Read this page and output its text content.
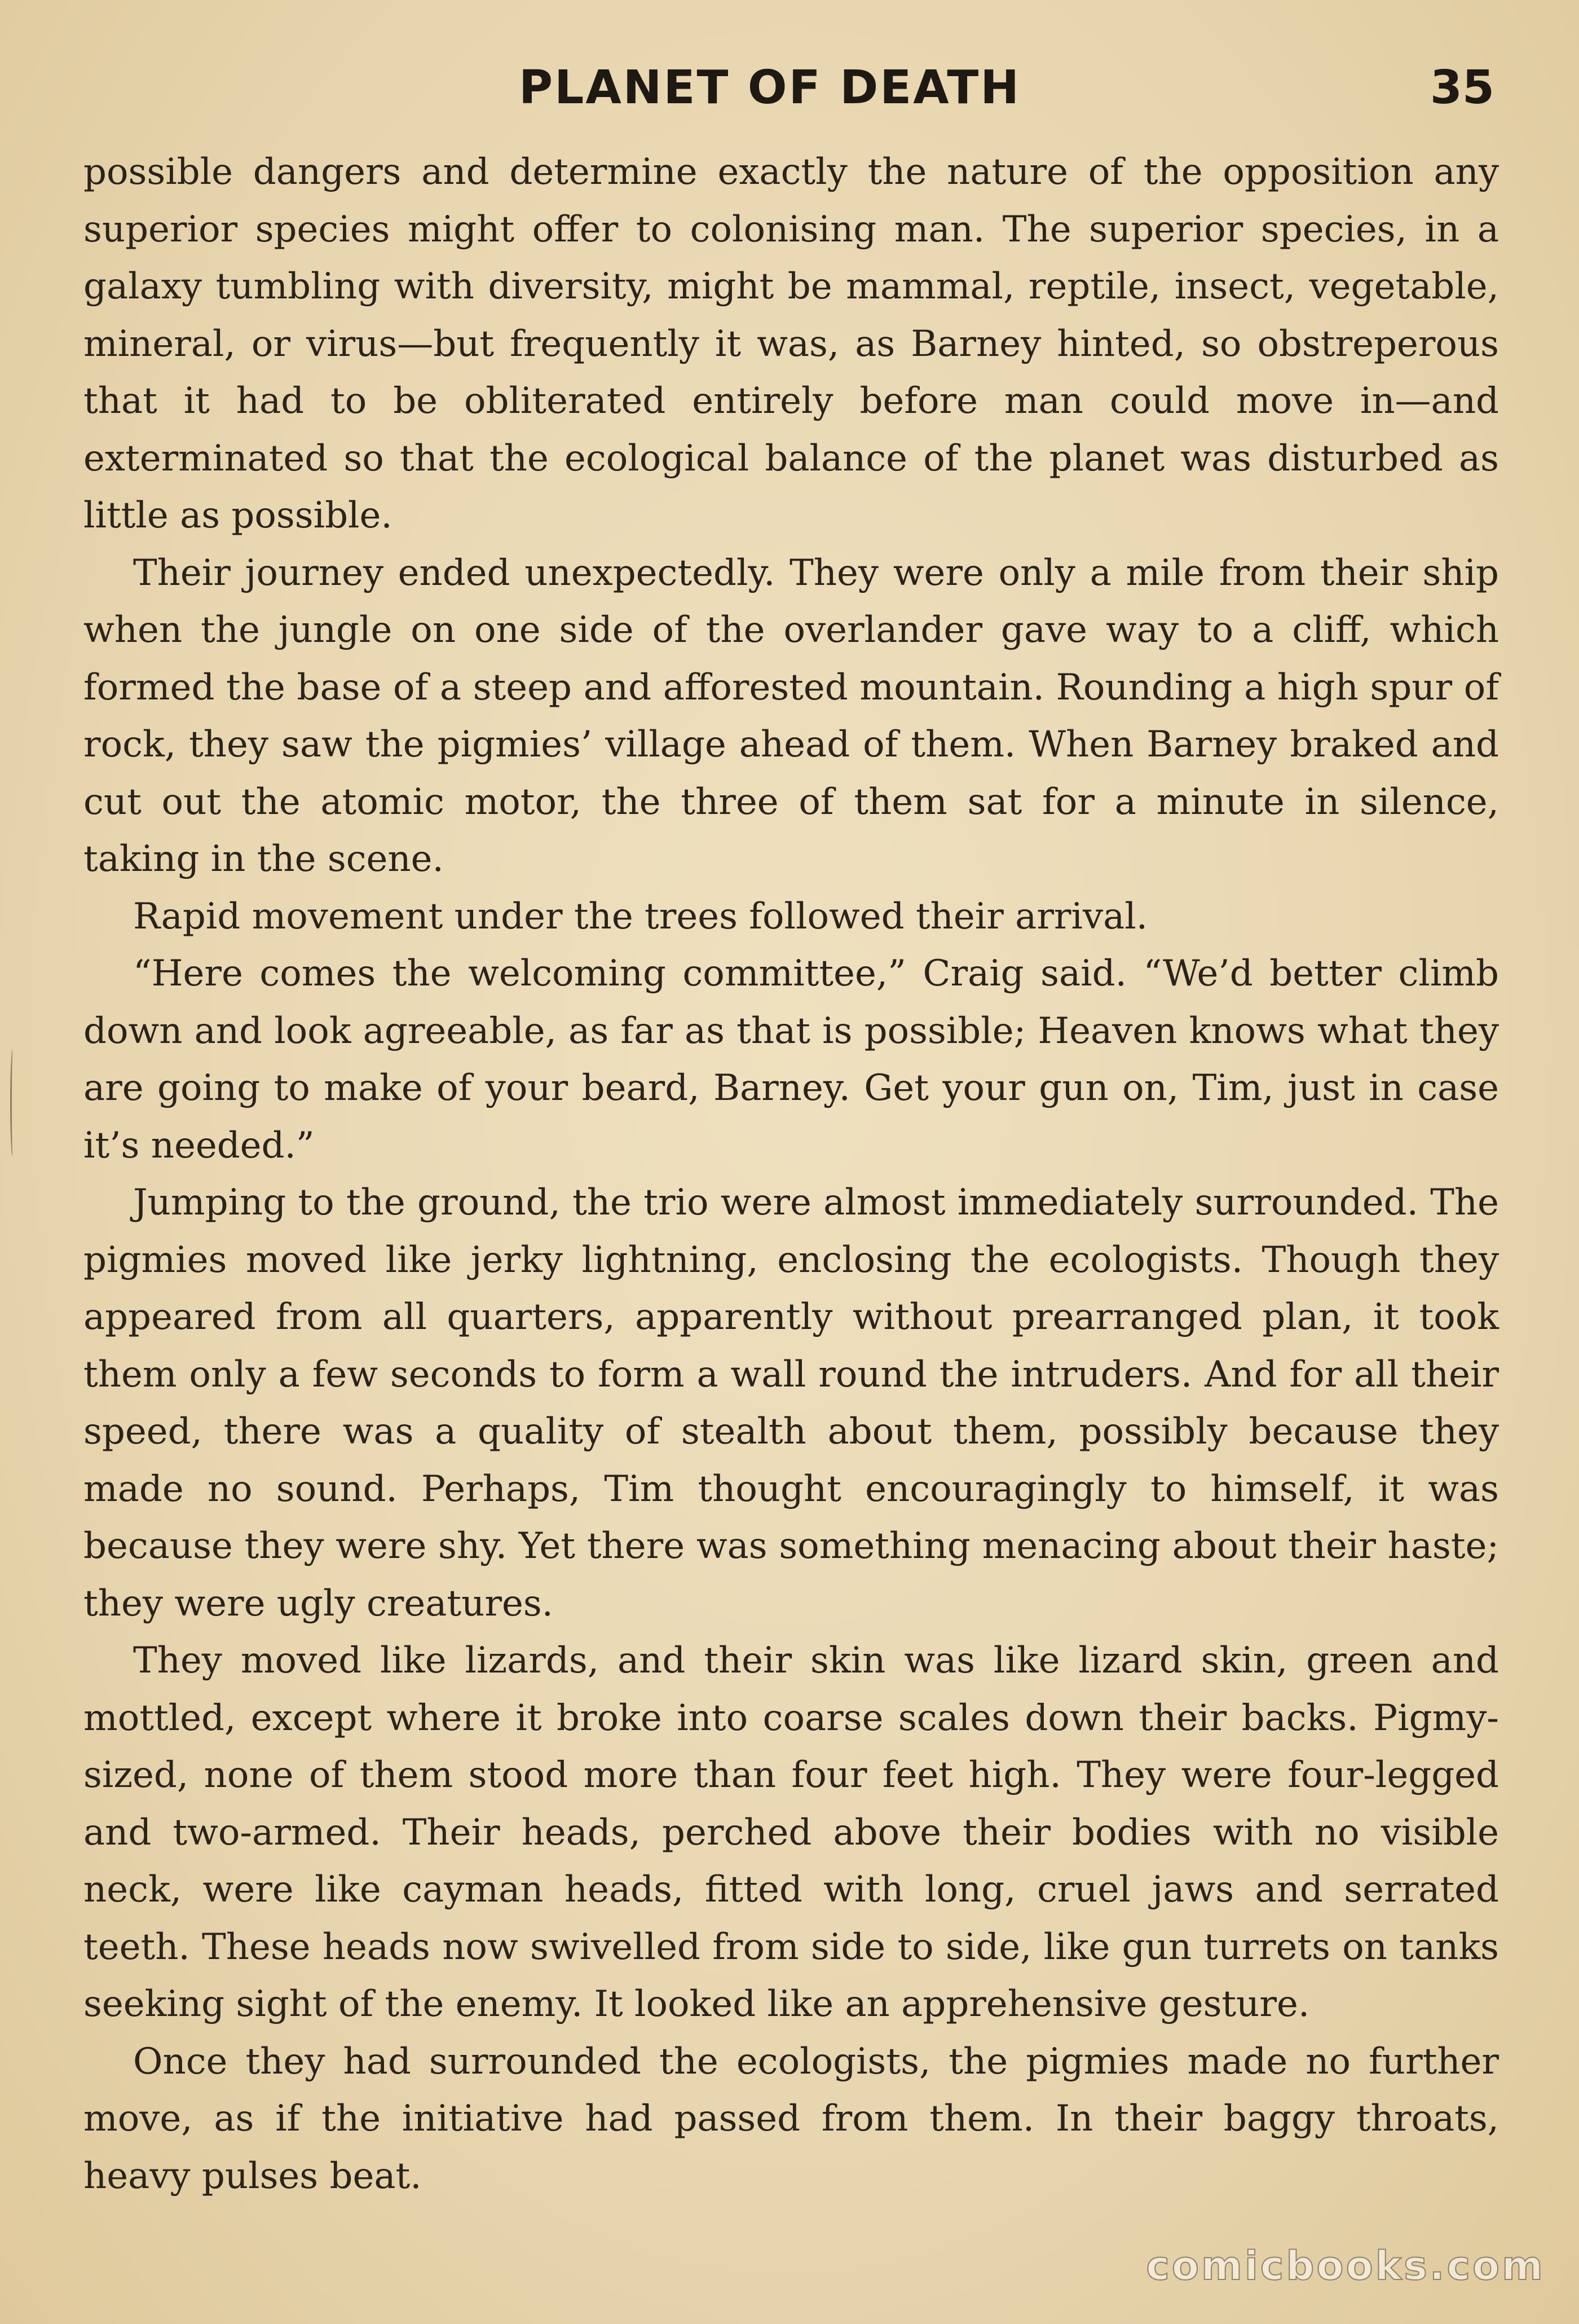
PLANET OF DEATH	35

possible dangers and determine exactly the nature of the opposition any superior species might offer to colonising man. The superior species, in a galaxy tumbling with diversity, might be mammal, reptile, insect, vegetable, mineral, or virus—but frequently it was, as Barney hinted, so obstreperous that it had to be obliterated entirely before man could move in—and exterminated so that the ecological balance of the planet was disturbed as little as possible.

Their journey ended unexpectedly. They were only a mile from their ship when the jungle on one side of the overlander gave way to a cliff, which formed the base of a steep and afforested mountain. Rounding a high spur of rock, they saw the pigmies’ village ahead of them. When Barney braked and cut out the atomic motor, the three of them sat for a minute in silence, taking in the scene.

Rapid movement under the trees followed their arrival.

“Here comes the welcoming committee,” Craig said. “We’d better climb down and look agreeable, as far as that is possible; Heaven knows what they are going to make of your beard, Barney. Get your gun on, Tim, just in case it’s needed.”

Jumping to the ground, the trio were almost immediately surrounded. The pigmies moved like jerky lightning, enclosing the ecologists. Though they appeared from all quarters, apparently without prearranged plan, it took them only a few seconds to form a wall round the intruders. And for all their speed, there was a quality of stealth about them, possibly because they made no sound. Perhaps, Tim thought encouragingly to himself, it was because they were shy. Yet there was something menacing about their haste; they were ugly creatures.

They moved like lizards, and their skin was like lizard skin, green and mottled, except where it broke into coarse scales down their backs. Pigmy-sized, none of them stood more than four feet high. They were four-legged and two-armed. Their heads, perched above their bodies with no visible neck, were like cayman heads, fitted with long, cruel jaws and serrated teeth. These heads now swivelled from side to side, like gun turrets on tanks seeking sight of the enemy. It looked like an apprehensive gesture.

Once they had surrounded the ecologists, the pigmies made no further move, as if the initiative had passed from them. In their baggy throats, heavy pulses beat.

comicbooks.com
